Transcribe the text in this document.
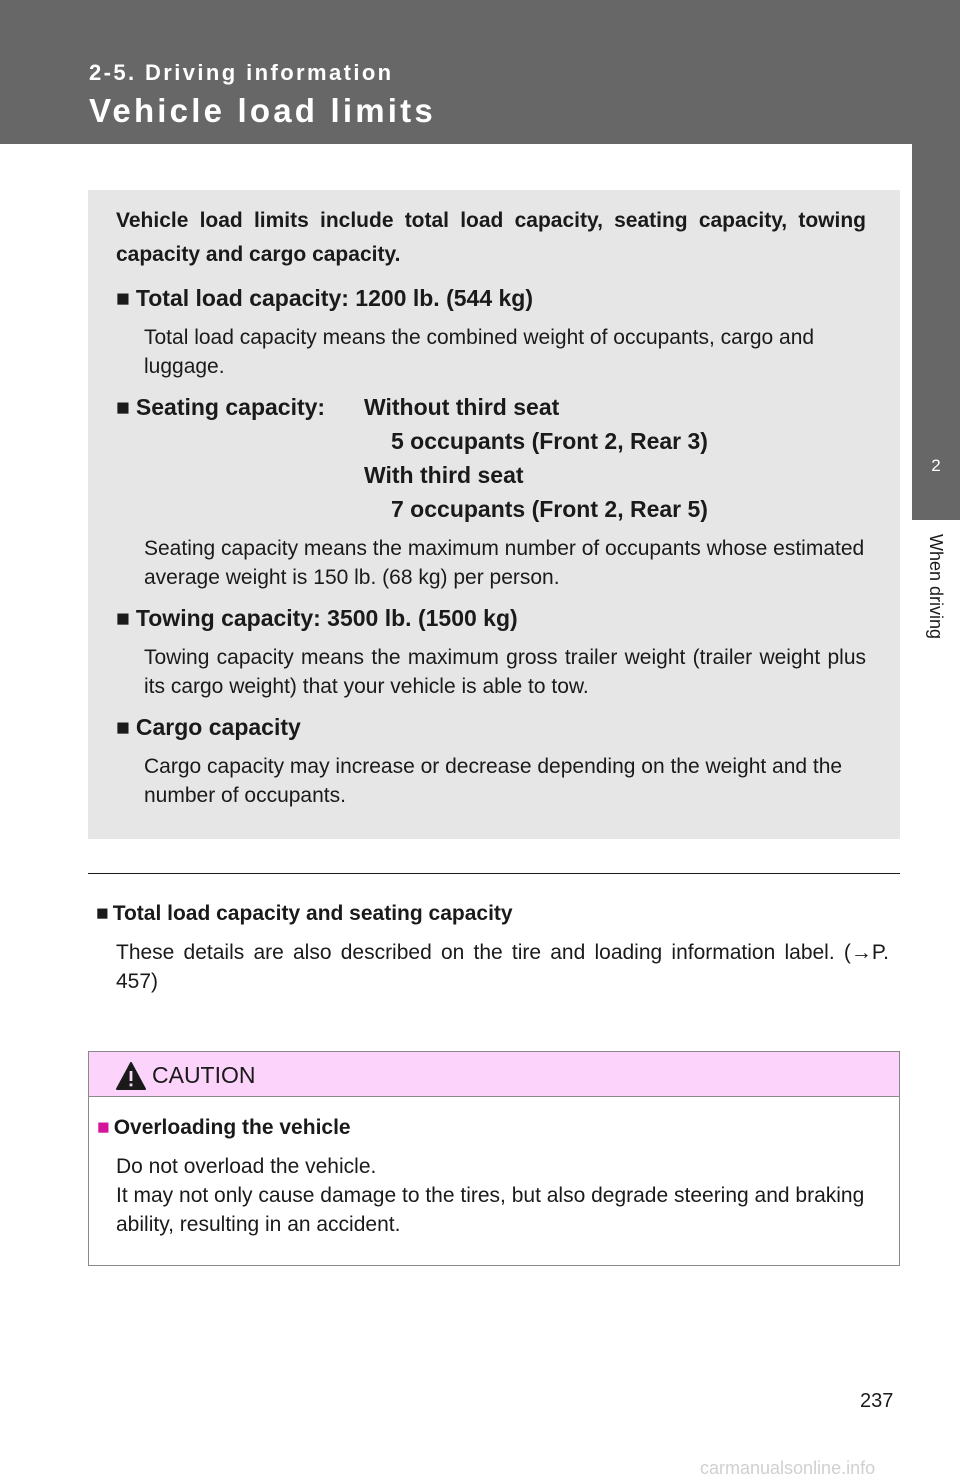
2-5. Driving information
Vehicle load limits
2
When driving
Vehicle load limits include total load capacity, seating capacity, towing capacity and cargo capacity.
■ Total load capacity: 1200 lb. (544 kg)
Total load capacity means the combined weight of occupants, cargo and luggage.
■ Seating capacity: Without third seat
5 occupants (Front 2, Rear 3)
With third seat
7 occupants (Front 2, Rear 5)
Seating capacity means the maximum number of occupants whose estimated average weight is 150 lb. (68 kg) per person.
■ Towing capacity: 3500 lb. (1500 kg)
Towing capacity means the maximum gross trailer weight (trailer weight plus its cargo weight) that your vehicle is able to tow.
■ Cargo capacity
Cargo capacity may increase or decrease depending on the weight and the number of occupants.
■ Total load capacity and seating capacity
These details are also described on the tire and loading information label. (→P. 457)
CAUTION
■ Overloading the vehicle
Do not overload the vehicle.
It may not only cause damage to the tires, but also degrade steering and braking ability, resulting in an accident.
237
carmanualsonline.info
